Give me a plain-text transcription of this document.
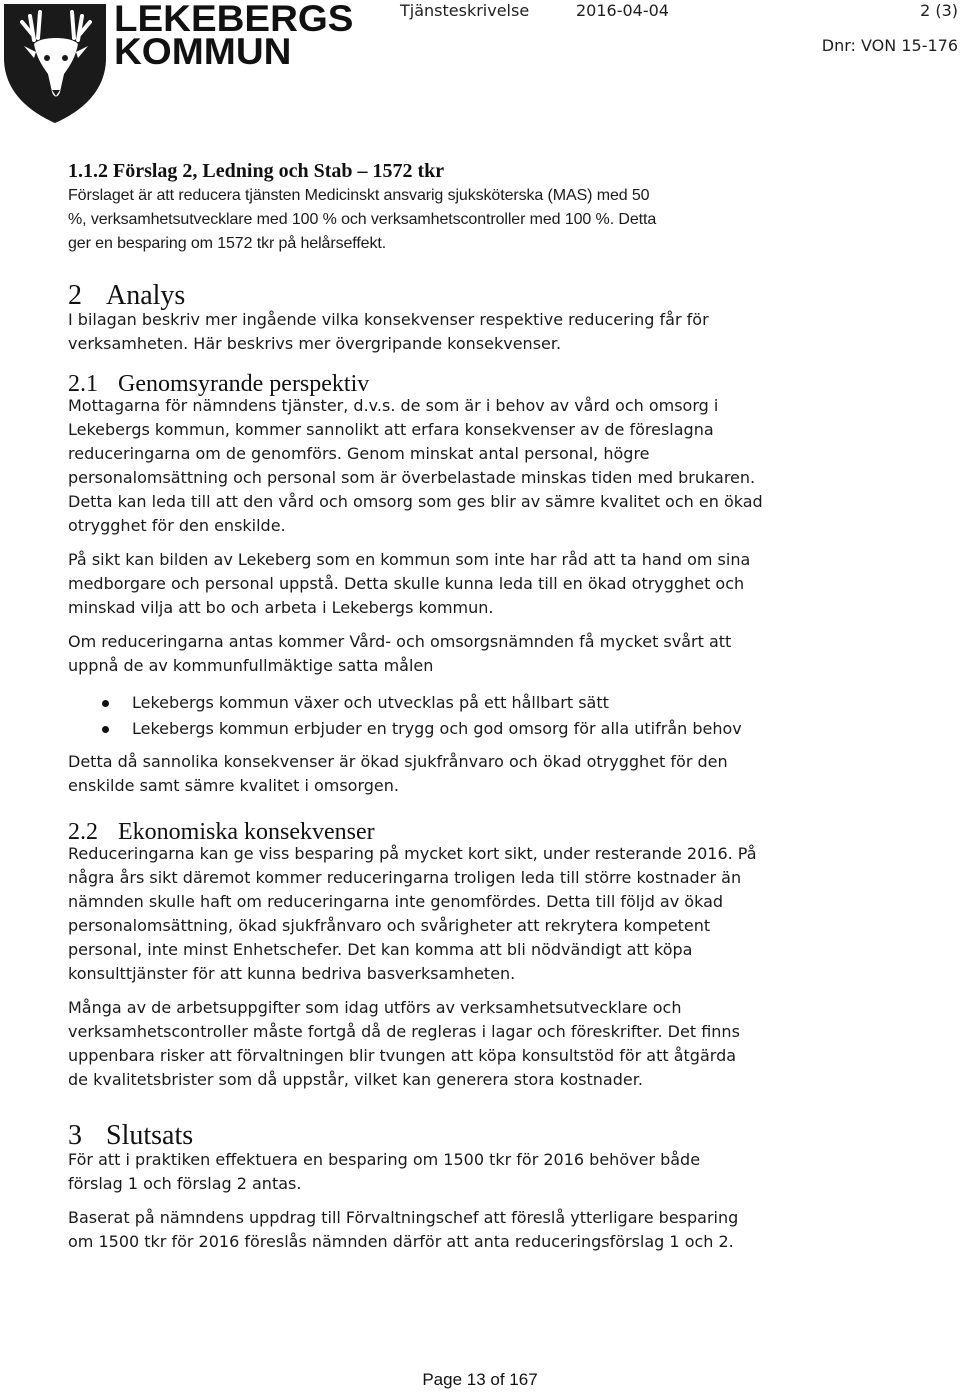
LEKEBERGS
KOMMUN
Tjänsteskrivelse	2016-04-04	2 (3)
Dnr: VON 15-176
1.1.2 Förslag 2, Ledning och Stab – 1572 tkr

Förslaget är att reducera tjänsten Medicinskt ansvarig sjuksköterska (MAS) med 50
%, verksamhetsutvecklare med 100 % och verksamhetscontroller med 100 %. Detta
ger en besparing om 1572 tkr på helårseffekt.

2 Analys

I bilagan beskriv mer ingående vilka konsekvenser respektive reducering får för
verksamheten. Här beskrivs mer övergripande konsekvenser.

2.1 Genomsyrande perspektiv

Mottagarna för nämndens tjänster, d.v.s. de som är i behov av vård och omsorg i
Lekebergs kommun, kommer sannolikt att erfara konsekvenser av de föreslagna
reduceringarna om de genomförs. Genom minskat antal personal, högre
personalomsättning och personal som är överbelastade minskas tiden med brukaren.
Detta kan leda till att den vård och omsorg som ges blir av sämre kvalitet och en ökad
otrygghet för den enskilde.

På sikt kan bilden av Lekeberg som en kommun som inte har råd att ta hand om sina
medborgare och personal uppstå. Detta skulle kunna leda till en ökad otrygghet och
minskad vilja att bo och arbeta i Lekebergs kommun.

Om reduceringarna antas kommer Vård- och omsorgsnämnden få mycket svårt att
uppnå de av kommunfullmäktige satta målen

Lekebergs kommun växer och utvecklas på ett hållbart sätt
Lekebergs kommun erbjuder en trygg och god omsorg för alla utifrån behov

Detta då sannolika konsekvenser är ökad sjukfrånvaro och ökad otrygghet för den
enskilde samt sämre kvalitet i omsorgen.

2.2 Ekonomiska konsekvenser

Reduceringarna kan ge viss besparing på mycket kort sikt, under resterande 2016. På
några års sikt däremot kommer reduceringarna troligen leda till större kostnader än
nämnden skulle haft om reduceringarna inte genomfördes. Detta till följd av ökad
personalomsättning, ökad sjukfrånvaro och svårigheter att rekrytera kompetent
personal, inte minst Enhetschefer. Det kan komma att bli nödvändigt att köpa
konsulttjänster för att kunna bedriva basverksamheten.

Många av de arbetsuppgifter som idag utförs av verksamhetsutvecklare och
verksamhetscontroller måste fortgå då de regleras i lagar och föreskrifter. Det finns
uppenbara risker att förvaltningen blir tvungen att köpa konsultstöd för att åtgärda
de kvalitetsbrister som då uppstår, vilket kan generera stora kostnader.

3 Slutsats

För att i praktiken effektuera en besparing om 1500 tkr för 2016 behöver både
förslag 1 och förslag 2 antas.

Baserat på nämndens uppdrag till Förvaltningschef att föreslå ytterligare besparing
om 1500 tkr för 2016 föreslås nämnden därför att anta reduceringsförslag 1 och 2.

Page 13 of 167
